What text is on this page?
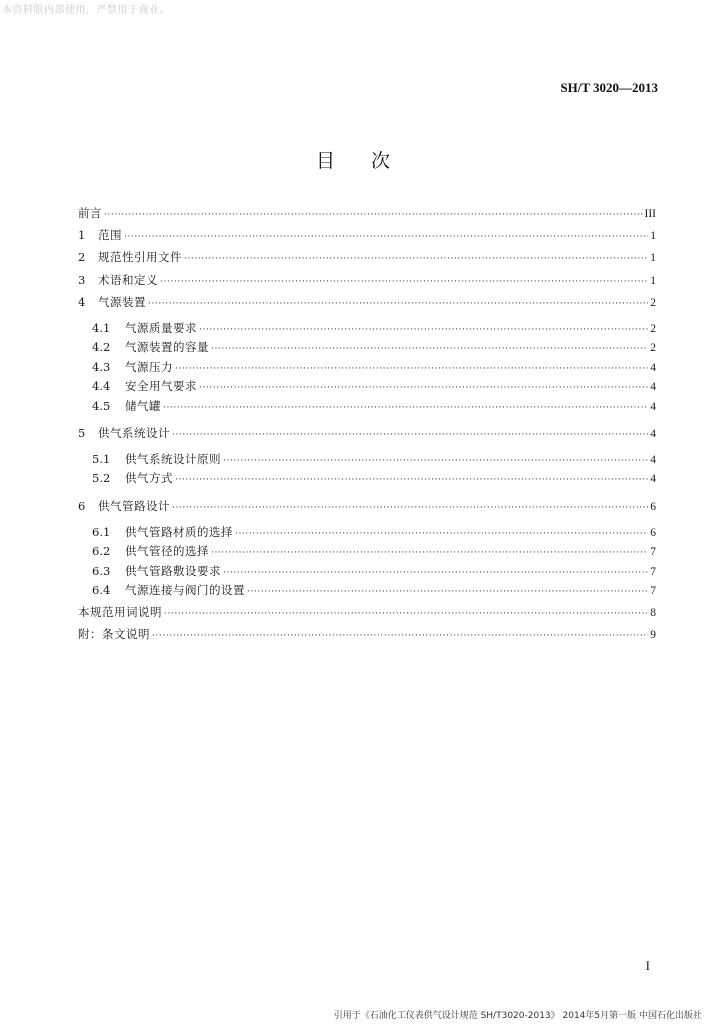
本资料限内部使用，严禁用于商业。
SH/T 3020—2013
目次
前言 ·····	III
1	范围 ·····	1
2	规范性引用文件 ·····	1
3	术语和定义 ·····	1
4	气源装置 ·····	2
4.1	气源质量要求 ·····	2
4.2	气源装置的容量 ·····	2
4.3	气源压力 ·····	4
4.4	安全用气要求 ·····	4
4.5	储气罐 ·····	4
5	供气系统设计 ·····	4
5.1	供气系统设计原则 ·····	4
5.2	供气方式 ·····	4
6	供气管路设计 ·····	6
6.1	供气管路材质的选择 ·····	6
6.2	供气管径的选择 ·····	7
6.3	供气管路敷设要求 ·····	7
6.4	气源连接与阀门的设置 ·····	7
本规范用词说明 ·····	8
附：条文说明 ·····	9
I
引用于《石油化工仪表供气设计规范 SH/T3020-2013》 2014年5月第一版 中国石化出版社
